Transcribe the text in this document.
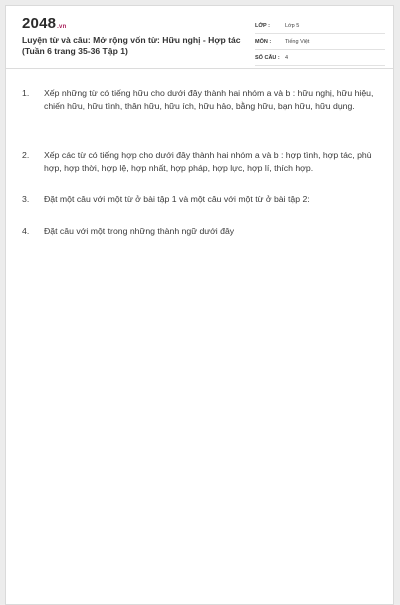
2048.vn
Luyện từ và câu: Mở rộng vốn từ: Hữu nghị - Hợp tác (Tuần 6 trang 35-36 Tập 1)
LỚP :	Lớp 5
MÔN :	Tiếng Việt
SỐ CÂU : 4
1.	Xếp những từ có tiếng hữu cho dưới đây thành hai nhóm a và b : hữu nghị, hữu hiệu, chiến hữu, hữu tình, thân hữu, hữu ích, hữu hảo, bằng hữu, bạn hữu, hữu dụng.
2.	Xếp các từ có tiếng hợp cho dưới đây thành hai nhóm a và b : hợp tình, hợp tác, phù hợp, hợp thời, hợp lệ, hợp nhất, hợp pháp, hợp lực, hợp lí, thích hợp.
3.	Đặt một câu với một từ ở bài tập 1 và một câu với một từ ở bài tập 2:
4.	Đặt câu với một trong những thành ngữ dưới đây
